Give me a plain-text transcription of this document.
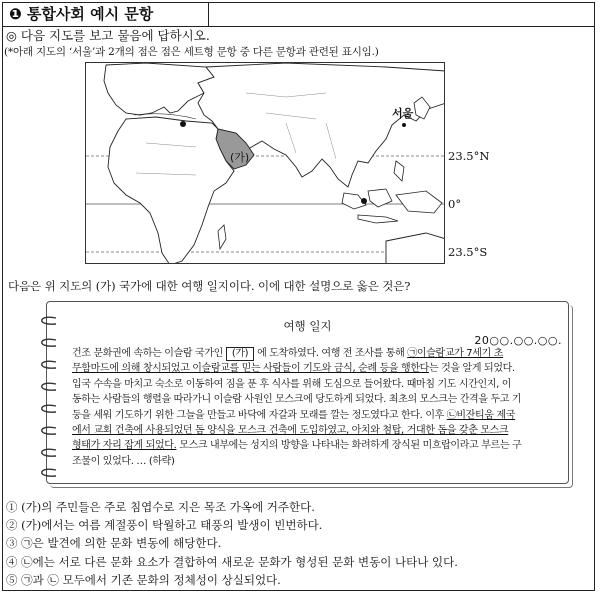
❶ 통합사회 예시 문항
◎ 다음 지도를 보고 물음에 답하시오.
(*아래 지도의 ‘서울’과 2개의 점은 점은 세트형 문항 중 다른 문항과 관련된 표시임.)
서울
(가)	23.5°N
0°
23.5°S
다음은 위 지도의 (가) 국가에 대한 여행 일지이다. 이에 대한 설명으로 옳은 것은?
여행 일지
20○○.○○.○○.
건조 문화권에 속하는 이슬람 국가인 (가) 에 도착하였다. 여행 전 조사를 통해 ㉠이슬람교가 7세기 초
무함마드에 의해 창시되었고 이슬람교를 믿는 사람들이 기도와 금식, 순례 등을 행한다는 것을 알게 되었다.
입국 수속을 마치고 숙소로 이동하여 짐을 푼 후 식사를 위해 도심으로 들어왔다. 때마침 기도 시간인지, 이
동하는 사람들의 행렬을 따라가니 이슬람 사원인 모스크에 당도하게 되었다. 최초의 모스크는 간격을 두고 기
둥을 세워 기도하기 위한 그늘을 만들고 바닥에 자갈과 모래를 깔는 정도였다고 한다. 이후 ㉡비잔티움 제국
에서 교회 건축에 사용되었던 돔 양식을 모스크 건축에 도입하였고, 아치와 첨탑, 거대한 돔을 갖춘 모스크
형태가 자리 잡게 되었다. 모스크 내부에는 성지의 방향을 나타내는 화려하게 장식된 미흐랍이라고 부르는 구
조물이 있었다. … (하략)
① (가)의 주민들은 주로 침엽수로 지은 목조 가옥에 거주한다.
② (가)에서는 여름 계절풍이 탁월하고 태풍의 발생이 빈번하다.
③ ㉠은 발견에 의한 문화 변동에 해당한다.
④ ㉡에는 서로 다른 문화 요소가 결합하여 새로운 문화가 형성된 문화 변동이 나타나 있다.
⑤ ㉠과 ㉡ 모두에서 기존 문화의 정체성이 상실되었다.
